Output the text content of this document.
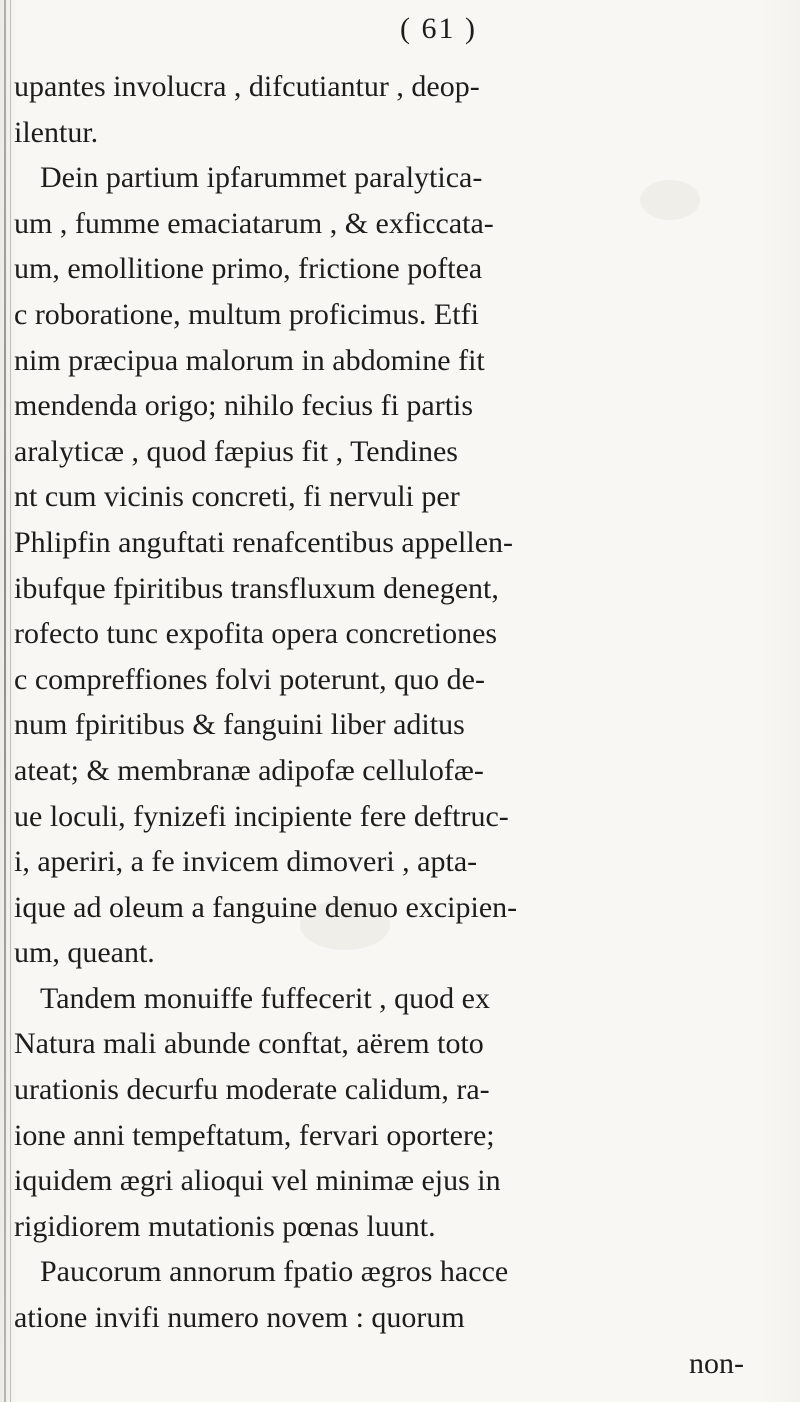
( 61 )
upantes involucra , difcutiantur , deop-
ilentur.
Dein partium ipfarummet paralytica-
um , fumme emaciatarum , & exficcata-
um, emollitione primo, frictione poftea
c roboratione, multum proficimus. Etfi
nim præcipua malorum in abdomine fit
mendenda origo; nihilo fecius fi partis
aralyticæ , quod fæpius fit , Tendines
nt cum vicinis concreti, fi nervuli per
Phlipfin anguftati renafcentibus appellen-
ibufque fpiritibus transfluxum denegent,
rofecto tunc expofita opera concretiones
c compreffiones folvi poterunt, quo de-
num fpiritibus & fanguini liber aditus
ateat; & membranæ adipofæ cellulofæ-
ue loculi, fynizefi incipiente fere deftruc-
i, aperiri, a fe invicem dimoveri , apta-
ique ad oleum a fanguine denuo excipien-
um, queant.
Tandem monuiffe fuffecerit , quod ex
Natura mali abunde conftat, aërem toto
urationis decurfu moderate calidum, ra-
ione anni tempeftatum, fervari oportere;
iquidem ægri alioqui vel minimæ ejus in
rigidiorem mutationis pœnas luunt.
Paucorum annorum fpatio ægros hacce
atione invifi numero novem : quorum
non-
